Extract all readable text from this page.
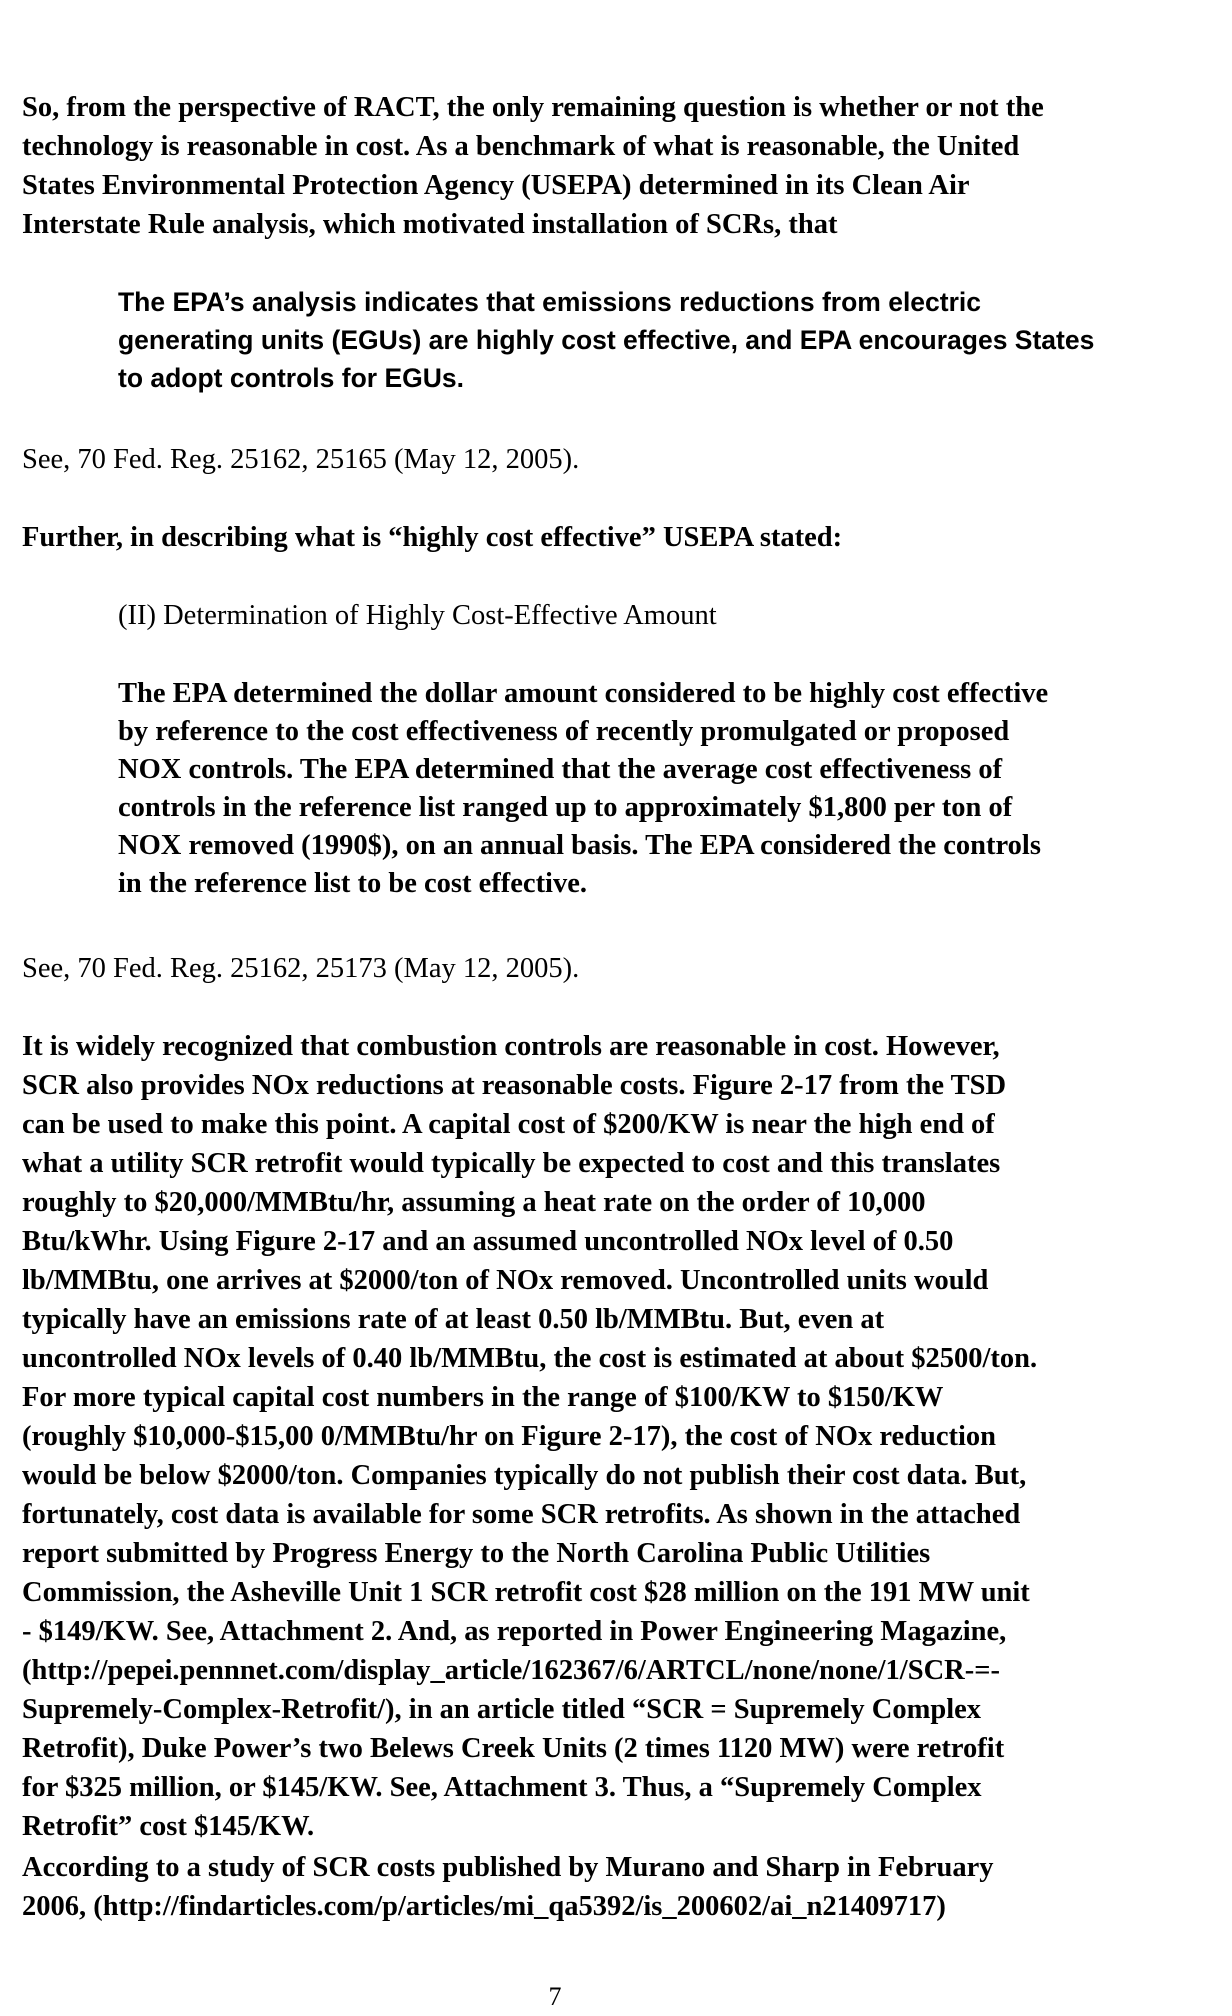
So, from the perspective of RACT, the only remaining question is whether or not the
technology is reasonable in cost. As a benchmark of what is reasonable, the United
States Environmental Protection Agency (USEPA) determined in its Clean Air
Interstate Rule analysis, which motivated installation of SCRs, that

The EPA’s analysis indicates that emissions reductions from electric
generating units (EGUs) are highly cost effective, and EPA encourages States
to adopt controls for EGUs.

See, 70 Fed. Reg. 25162, 25165 (May 12, 2005).

Further, in describing what is “highly cost effective” USEPA stated:

(II) Determination of Highly Cost-Effective Amount

The EPA determined the dollar amount considered to be highly cost effective
by reference to the cost effectiveness of recently promulgated or proposed
NOX controls. The EPA determined that the average cost effectiveness of
controls in the reference list ranged up to approximately $1,800 per ton of
NOX removed (1990$), on an annual basis. The EPA considered the controls
in the reference list to be cost effective.

See, 70 Fed. Reg. 25162, 25173 (May 12, 2005).

It is widely recognized that combustion controls are reasonable in cost. However,
SCR also provides NOx reductions at reasonable costs. Figure 2-17 from the TSD
can be used to make this point. A capital cost of $200/KW is near the high end of
what a utility SCR retrofit would typically be expected to cost and this translates
roughly to $20,000/MMBtu/hr, assuming a heat rate on the order of 10,000
Btu/kWhr. Using Figure 2-17 and an assumed uncontrolled NOx level of 0.50
lb/MMBtu, one arrives at $2000/ton of NOx removed. Uncontrolled units would
typically have an emissions rate of at least 0.50 lb/MMBtu. But, even at
uncontrolled NOx levels of 0.40 lb/MMBtu, the cost is estimated at about $2500/ton.
For more typical capital cost numbers in the range of $100/KW to $150/KW
(roughly $10,000-$15,00 0/MMBtu/hr on Figure 2-17), the cost of NOx reduction
would be below $2000/ton. Companies typically do not publish their cost data. But,
fortunately, cost data is available for some SCR retrofits. As shown in the attached
report submitted by Progress Energy to the North Carolina Public Utilities
Commission, the Asheville Unit 1 SCR retrofit cost $28 million on the 191 MW unit
- $149/KW. See, Attachment 2. And, as reported in Power Engineering Magazine,
(http://pepei.pennnet.com/display_article/162367/6/ARTCL/none/none/1/SCR-=-
Supremely-Complex-Retrofit/), in an article titled “SCR = Supremely Complex
Retrofit), Duke Power’s two Belews Creek Units (2 times 1120 MW) were retrofit
for $325 million, or $145/KW. See, Attachment 3. Thus, a “Supremely Complex
Retrofit” cost $145/KW.

According to a study of SCR costs published by Murano and Sharp in February
2006, (http://findarticles.com/p/articles/mi_qa5392/is_200602/ai_n21409717)

7
